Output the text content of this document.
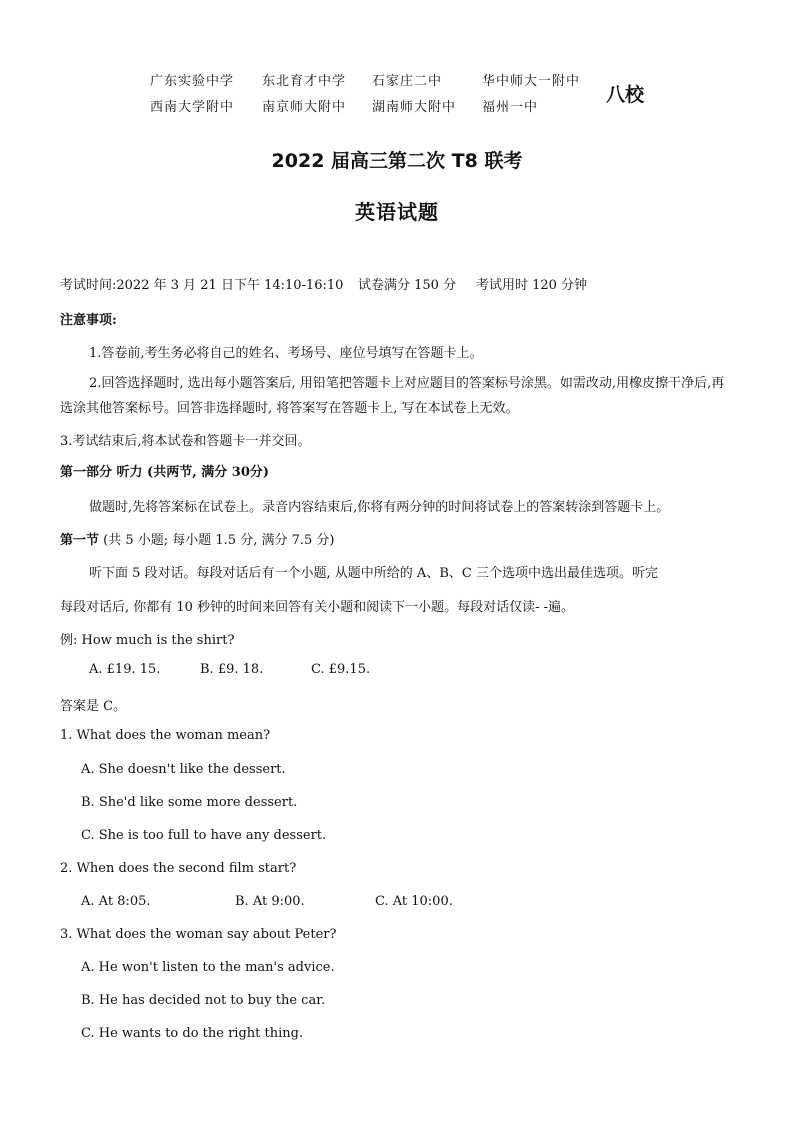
广东实验中学 东北育才中学 石家庄二中	华中师大一附中
西南大学附中 南京师大附中 湖南师大附中 福州一中
八校
2022 届高三第二次 T8 联考
英语试题
考试时间:2022 年 3 月 21 日下午 14:10-16:10 试卷满分 150 分 考试用时 120 分钟
注意事项:
1.答卷前,考生务必将自己的姓名、考场号、座位号填写在答题卡上。
2.回答选择题时, 选出每小题答案后, 用铅笔把答题卡上对应题目的答案标号涂黑。如需改动,用橡皮擦干净后,再选涂其他答案标号。回答非选择题时, 将答案写在答题卡上, 写在本试卷上无效。
3.考试结束后,将本试卷和答题卡一并交回。
第一部分 听力 (共两节, 满分 30分)
做题时,先将答案标在试卷上。录音内容结束后,你将有两分钟的时间将试卷上的答案转涂到答题卡上。
第一节 (共 5 小题; 每小题 1.5 分, 满分 7.5 分)
听下面 5 段对话。每段对话后有一个小题, 从题中所给的 A、B、C 三个选项中选出最佳选项。听完
每段对话后, 你都有 10 秒钟的时间来回答有关小题和阅读下一小题。每段对话仅读- -遍。
例: How much is the shirt?
A. £19. 15.	B. £9. 18.	C. £9.15.
答案是 C。
1. What does the woman mean?
A. She doesn't like the dessert.
B. She'd like some more dessert.
C. She is too full to have any dessert.
2. When does the second film start?
A. At 8:05.	B. At 9:00.	C. At 10:00.
3. What does the woman say about Peter?
A. He won't listen to the man's advice.
B. He has decided not to buy the car.
C. He wants to do the right thing.
